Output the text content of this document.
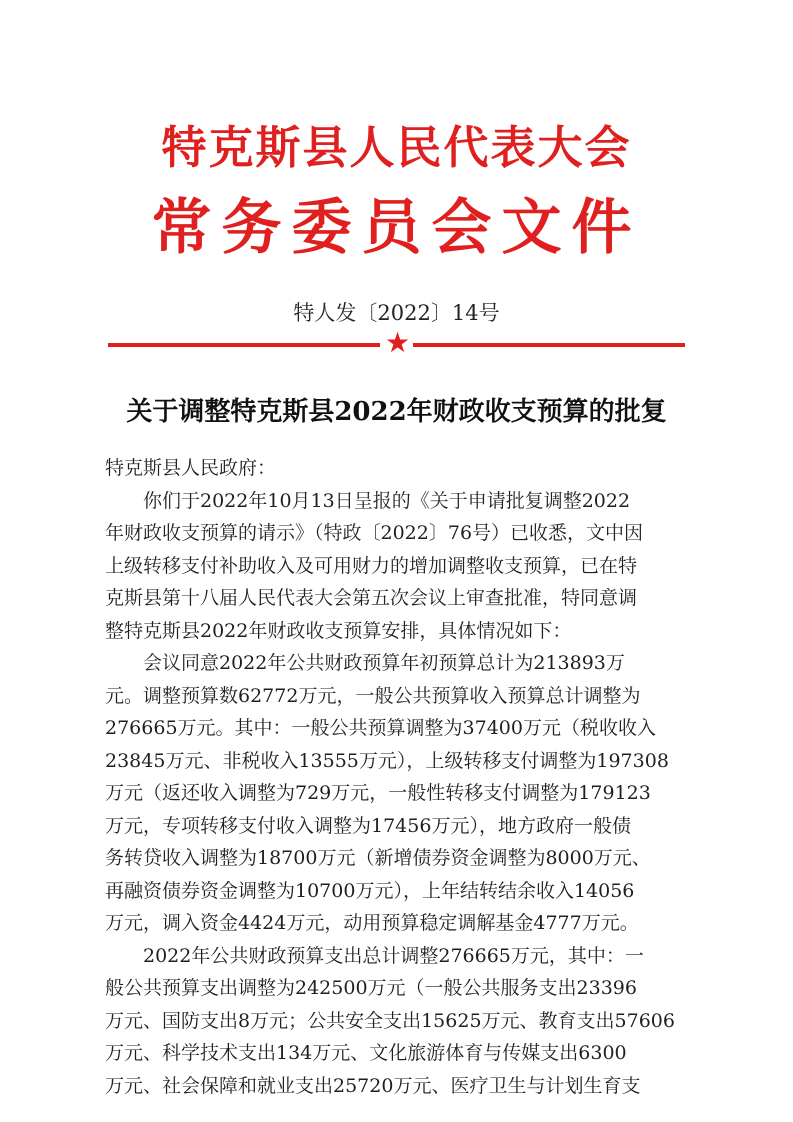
特克斯县人民代表大会
常务委员会文件
特人发〔2022〕14号
★
关于调整特克斯县2022年财政收支预算的批复
特克斯县人民政府：
你们于2022年10月13日呈报的《关于申请批复调整2022
年财政收支预算的请示》（特政〔2022〕76号）已收悉，文中因
上级转移支付补助收入及可用财力的增加调整收支预算，已在特
克斯县第十八届人民代表大会第五次会议上审查批准，特同意调
整特克斯县2022年财政收支预算安排，具体情况如下：
会议同意2022年公共财政预算年初预算总计为213893万
元。调整预算数62772万元，一般公共预算收入预算总计调整为
276665万元。其中：一般公共预算调整为37400万元（税收收入
23845万元、非税收入13555万元），上级转移支付调整为197308
万元（返还收入调整为729万元，一般性转移支付调整为179123
万元，专项转移支付收入调整为17456万元），地方政府一般债
务转贷收入调整为18700万元（新增债券资金调整为8000万元、
再融资债券资金调整为10700万元），上年结转结余收入14056
万元，调入资金4424万元，动用预算稳定调解基金4777万元。
2022年公共财政预算支出总计调整276665万元，其中：一
般公共预算支出调整为242500万元（一般公共服务支出23396
万元、国防支出8万元；公共安全支出15625万元、教育支出57606
万元、科学技术支出134万元、文化旅游体育与传媒支出6300
万元、社会保障和就业支出25720万元、医疗卫生与计划生育支
